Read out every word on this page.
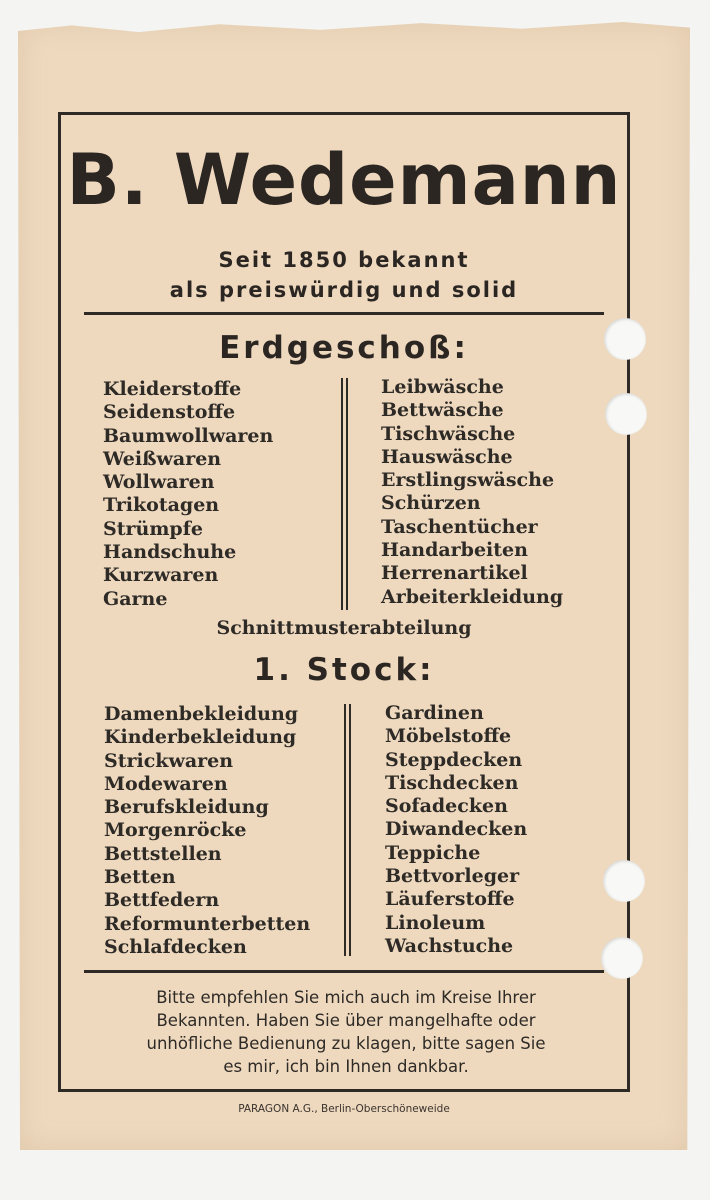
B. Wedemann
Seit 1850 bekannt
als preiswürdig und solid
Erdgeschoß:
Kleiderstoffe
Seidenstoffe
Baumwollwaren
Weißwaren
Wollwaren
Trikotagen
Strümpfe
Handschuhe
Kurzwaren
Garne
Leibwäsche
Bettwäsche
Tischwäsche
Hauswäsche
Erstlingswäsche
Schürzen
Taschentücher
Handarbeiten
Herrenartikel
Arbeiterkleidung
Schnittmusterabteilung
1. Stock:
Damenbekleidung
Kinderbekleidung
Strickwaren
Modewaren
Berufskleidung
Morgenröcke
Bettstellen
Betten
Bettfedern
Reformunterbetten
Schlafdecken
Gardinen
Möbelstoffe
Steppdecken
Tischdecken
Sofadecken
Diwandecken
Teppiche
Bettvorleger
Läuferstoffe
Linoleum
Wachstuche
Bitte empfehlen Sie mich auch im Kreise Ihrer
Bekannten. Haben Sie über mangelhafte oder
unhöfliche Bedienung zu klagen, bitte sagen Sie
es mir, ich bin Ihnen dankbar.
PARAGON A.G., Berlin-Oberschöneweide
